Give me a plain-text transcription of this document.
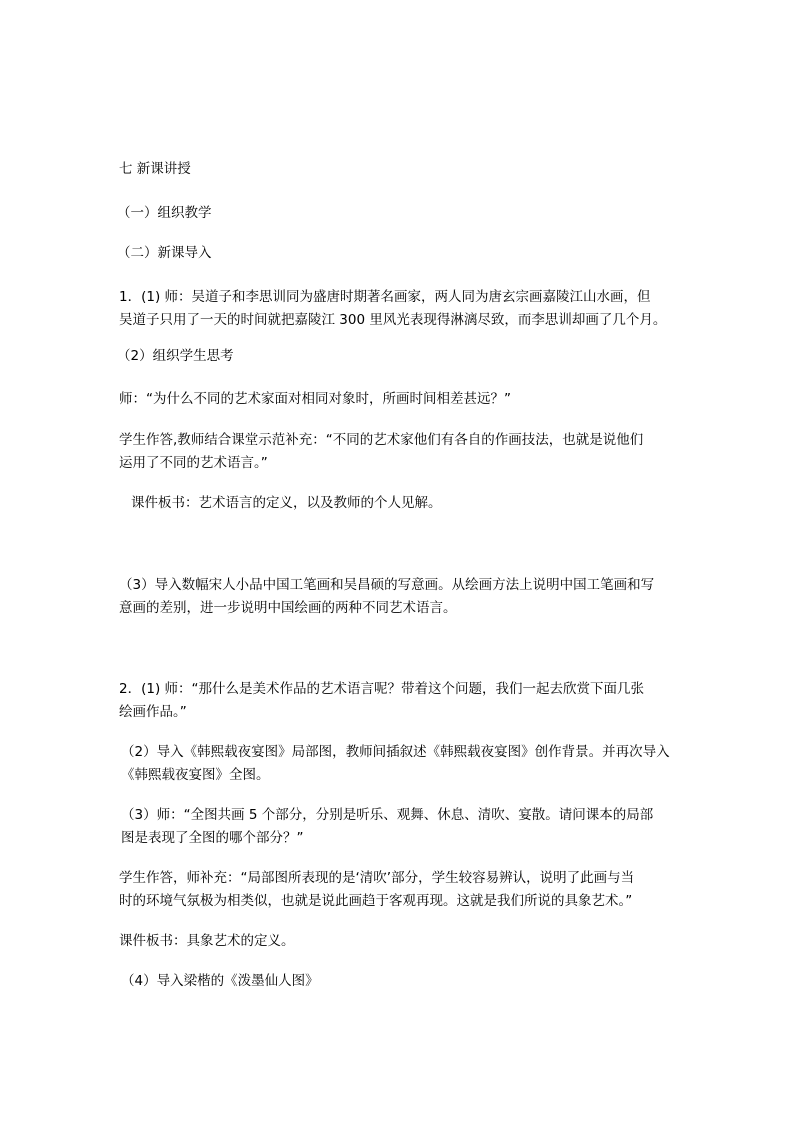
七 新课讲授

（一）组织教学

（二）新课导入

1．(1) 师：吴道子和李思训同为盛唐时期著名画家，两人同为唐玄宗画嘉陵江山水画，但

吴道子只用了一天的时间就把嘉陵江 300 里风光表现得淋漓尽致，而李思训却画了几个月。

（2）组织学生思考

师：“为什么不同的艺术家面对相同对象时，所画时间相差甚远？”

学生作答,教师结合课堂示范补充：“不同的艺术家他们有各自的作画技法，也就是说他们

运用了不同的艺术语言。”

课件板书：艺术语言的定义，以及教师的个人见解。

（3）导入数幅宋人小品中国工笔画和吴昌硕的写意画。从绘画方法上说明中国工笔画和写

意画的差别，进一步说明中国绘画的两种不同艺术语言。

2．(1) 师：“那什么是美术作品的艺术语言呢？带着这个问题，我们一起去欣赏下面几张

绘画作品。”

（2）导入《韩熙载夜宴图》局部图，教师间插叙述《韩熙载夜宴图》创作背景。并再次导入

《韩熙载夜宴图》全图。

（3）师：“全图共画 5 个部分，分别是听乐、观舞、休息、清吹、宴散。请问课本的局部

图是表现了全图的哪个部分？”

学生作答，师补充：“局部图所表现的是‘清吹’部分，学生较容易辨认，说明了此画与当

时的环境气氛极为相类似，也就是说此画趋于客观再现。这就是我们所说的具象艺术。”

课件板书：具象艺术的定义。

（4）导入梁楷的《泼墨仙人图》
